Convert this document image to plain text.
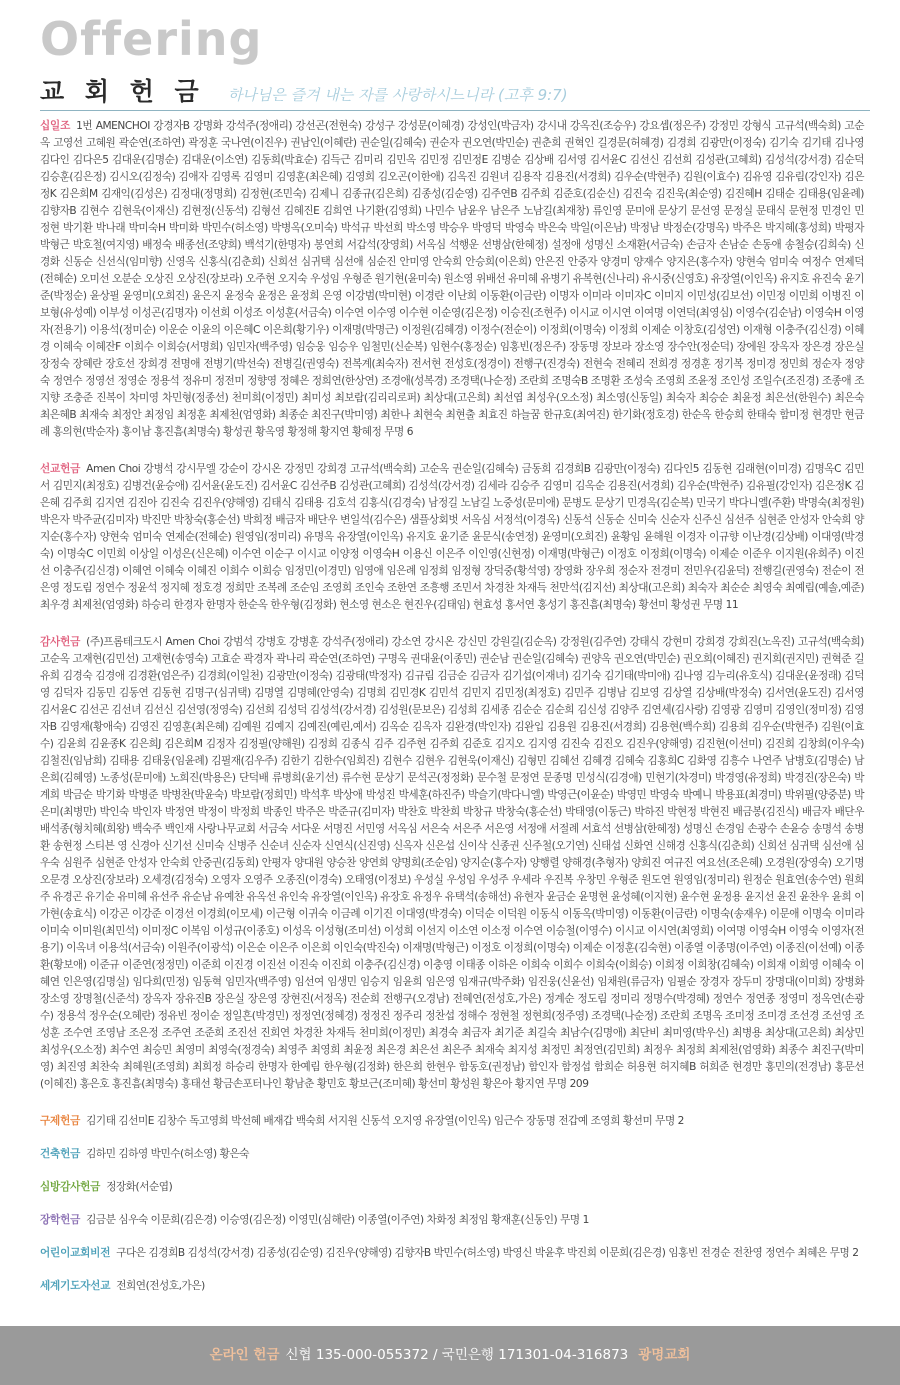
Offering
교 회 헌 금 하나님은 즐겨 내는 자를 사랑하시느니라 (고후 9:7)
십일조 1번 AMENCHOI 강경자B 강명화 강석주(정애리) 강선곤(전현숙) 강성구 강성문(이혜경) 강성인(박금자) 강시내 강옥진(조승우) 강요셉(정은주) 강정민 강형식 고규석(백숙희) 고순옥 고영선 고혜원 곽순연(조하연) 곽정훈 국나연(이진우) 권남인(이혜란) 권순일(김혜숙) 권순자 권오연(박민순) 권춘희 권혁인 길경문(허혜경) 김경희 김광만(이정숙) 김기숙 김기태 김나영 김다인 김다은5 김대운(김명순) 김대운(이소연) 김동희(박효순) 김득근 김미리 김민옥 김민정 김민정E 김병순 김상배 김서영 김서윤C 김선신 김선희 김성관(고혜희) 김성석(강서경) 김순덕 김승훈(김은정) 김시오(김정숙) 김애자 김영록 김영미 김영훈(최은혜) 김영희 김오곤(이한애) 김옥진 김원녀 김용작 김용진(서경희) 김우순(박현주) 김원(이효수) 김유영 김유림(강인자) 김은정K 김은희M 김재익(김성은) 김정대(정명희) 김정현(조민숙) 김제니 김종규(김은희) 김종성(김순영) 김주연B 김주희 김준호(김순신) 김진숙 김진욱(최순영) 김진혜H 김태순 김태용(임윤례) 김향자B 김현수 김현욱(이재신) 김현정(신동석) 김형선 김혜진E 김희연 나기환(김영희) 나민수 남윤우 남은주 노남길(최재창) 류인영 문미애 문상기 문선영 문정실 문태식 문현정 민경인 민정현 박기환 박나래 박미숙H 박미화 박민수(허소영) 박병옥(오미숙) 박석규 박선희 박소영 박승우 박영덕 박영숙 박은숙 박일(이은남) 박정남 박정순(강명옥) 박주은 박지혜(홍성희) 박평자 박형근 박호철(여지영) 배정숙 배종선(조양희) 백석기(한명자) 봉연희 서갑석(장영희) 서옥심 석행운 선병삼(한혜정) 설정애 성명신 소재환(서금숙) 손금자 손남순 손동애 송철승(김희숙) 신경화 신동순 신선식(임미향) 신영옥 신홍식(김춘희) 신희선 심귀택 심선애 심순진 안미영 안숙희 안승희(이은희) 안은진 안중자 양경미 양재수 양지은(홍수자) 양현숙 엄미숙 여정수 연제덕(전혜순) 오미선 오분순 오상진 오상진(장보라) 오주현 오지숙 우성임 우형준 원기현(윤미숙) 원소영 위배선 유미혜 유병기 유복현(신나리) 유시중(신영호) 유장열(이인옥) 유지호 유진숙 윤기준(박정순) 윤상필 윤영미(오희진) 윤은지 윤정숙 윤정은 윤정희 은영 이강범(박미현) 이경란 이난희 이동환(이금란) 이명자 이미라 이미자C 이미지 이민성(김보선) 이민정 이민희 이병진 이보형(유성예) 이부성 이성곤(김명자) 이선희 이성조 이성훈(서금숙) 이수연 이수영 이수현 이순영(김은정) 이승진(조현주) 이시교 이시연 이여명 이연덕(최영심) 이영수(김순남) 이영숙H 이영자(전용기) 이용석(정미순) 이운순 이윤의 이은혜C 이은희(황기우) 이재명(박명근) 이정원(김혜경) 이정수(전순이) 이정희(이명숙) 이정희 이제순 이창호(김성연) 이재형 이충주(김신경) 이혜경 이혜숙 이혜잔F 이희수 이희승(서명희) 임민자(백주영) 임승웅 임승우 임철민(신순복) 임현수(홍정순) 임홍빈(정은주) 장동명 장보라 장소영 장수안(정순덕) 장에원 장옥자 장은경 장은실 장정숙 장혜란 장호선 장희경 전명애 전병기(박선숙) 전병길(권영숙) 전복계(최숙자) 전서현 전성호(정경이) 전행구(진경숙) 전현숙 전혜리 전희경 정경훈 정기복 정미경 정민희 정순자 정양숙 정연수 정영선 정영순 정용석 정유미 정전미 정향영 정혜은 정희연(한상연) 조경애(성복경) 조경택(나순정) 조란희 조명숙B 조명환 조성숙 조영희 조윤정 조인성 조일수(조진경) 조종애 조지향 조충준 진복이 차미영 차민형(정종선) 천미희(이정민) 최미성 최보람(김리리로퍼) 최상대(고은희) 최선엽 최성우(오소정) 최소영(신동일) 최숙자 최승순 최윤정 최은선(한원수) 최은숙 최은혜B 최재숙 최정안 최정임 최정훈 최제천(엄영화) 최종순 최진구(박미영) 최한나 최현숙 최현출 최효진 하늘꿈 한규호(최여진) 한기화(정호경) 한순옥 한승희 한태숙 함미정 현경만 현금례 홍의현(박순자) 홍이남 홍진흠(최명숙) 황성권 황옥영 황정해 황지연 황혜정 무명 6
선교헌금 Amen Choi 강병석 강시무엘 강순이 강시온 강정민 강희경 고규석(백숙희) 고순옥 권순일(김혜숙) 금동희 김경희B 김광만(이정숙) 김다인5 김동현 김래현(이미경) 김명옥C 김민서 김민지(최정호) 김병건(윤승애) 김서윤(윤도진) 김서윤C 김선주B 김성관(고혜희) 김성석(강서경) 김세라 김승주 김영미 김옥순 김용진(서경희) 김우순(박현주) 김유필(강인자) 김은정K 김은혜 김주희 김지연 김진아 김진숙 김진우(양해영) 김태식 김태용 김호석 김홍식(김경숙) 남정길 노남길 노중성(문미애) 문병도 문상기 민경옥(김순복) 민국기 박다니엘(주환) 박명숙(최정원) 박은자 박주균(김미자) 박진만 박창숙(홍순선) 박희정 배금자 배단우 변일석(김수은) 샘플상회벗 서옥심 서정석(이경옥) 신동석 신동순 신미숙 신순자 신주신 심선주 심현준 안성자 안숙희 양지순(홍수자) 양현숙 엄미숙 연제순(전혜순) 원영임(정미리) 유명옥 유장열(이인옥) 유지호 윤기준 윤문식(송연정) 윤영미(오희진) 윤황임 윤해원 이경자 이규향 이난경(김상배) 이대영(박경숙) 이명숙C 이민희 이상일 이성은(신은혜) 이수연 이순구 이시교 이양정 이영숙H 이용신 이은주 이인영(신현정) 이재명(박형근) 이정호 이정희(이명숙) 이제순 이준우 이지원(유희주) 이진선 이충주(김신경) 이혜연 이혜숙 이혜진 이희수 이희승 임정민(이경민) 임영애 임은례 임정희 임정형 장덕중(황석영) 장영화 장우희 정순자 전경미 전민우(김윤덕) 전행길(권영숙) 전순이 전은영 정도림 정연수 정윤석 정지혜 정호경 정희만 조복례 조순임 조영희 조인숙 조한연 조흥행 조민서 차경찬 차재득 천만석(김지선) 최상대(고은희) 최숙자 최순순 최영숙 최예림(예솔,예준) 최우경 최제천(엄영화) 하승리 한경자 한명자 한순옥 한우형(김정화) 현소영 현소은 현진우(김태임) 현효성 홍서연 홍성기 홍진흠(최명숙) 황선미 황성권 무명 11
감사헌금 (주)프롬테크도시 Amen Choi 강범석 강병호 강병훈 강석주(정애리) 강소연 강시온 강신민 강원길(김순옥) 강정원(김주연) 강태식 강현미 강희경 강희진(노옥진) 고규석(백숙희) 고순옥 고재현(김민선) 고재현(송영숙) 고효순 곽경자 곽나리 곽순연(조하연) 구명옥 권대윤(이종민) 권순남 권순일(김혜숙) 권양옥 권오연(박민순) 권오희(이혜진) 권지희(권지민) 권혁준 길유희 김경숙 김경애 김경환(엄은주) 김경희(이일천) 김광만(이정숙) 김광태(박정자) 김규림 김금순 김금자 김기섭(이재녀) 김기숙 김기태(박미애) 김나영 김누리(유호식) 김대운(윤정래) 김덕영 김덕자 김동민 김동연 김동현 김명구(심귀택) 김명열 김명혜(안영숙) 김명희 김민경K 김민석 김민지 김민정(최정호) 김민주 김병남 김보영 김상열 김상배(박정숙) 김서연(윤도진) 김서영 김서윤C 김선곤 김선녀 김선신 김선영(정영숙) 김선희 김성덕 김성석(강서경) 김성원(문보은) 김성희 김세종 김순순 김순희 김신성 김양주 김연세(김사랑) 김영광 김영미 김영인(정미정) 김영자B 김영재(황애숙) 김영진 김영훈(최은혜) 김예원 김예지 김예진(예린,예서) 김옥순 김옥자 김완경(박인자) 김완입 김용원 김용진(서경희) 김용현(백수희) 김용희 김우순(박현주) 김원(이효수) 김윤희 김윤종K 김은희J 김은희M 김정자 김정필(양해원) 김정희 김종식 김주 김주현 김주희 김준호 김지오 김지영 김진숙 김진오 김진우(양해영) 김진현(이선미) 김진희 김창희(이우숙) 김철진(임남희) 김태용 김태웅(임윤례) 김필재(김우주) 김한기 김한수(임희진) 김현수 김현우 김현욱(이재신) 김형민 김혜선 김혜경 김혜숙 김홍희C 김화영 김흥수 나연주 남병호(김명순) 남은희(김혜영) 노종성(문미애) 노희진(박용은) 단덕배 류병희(윤기선) 류수현 문상기 문석곤(정정화) 문수철 문정연 문종명 민성식(김경애) 민현기(차경미) 박경영(유정희) 박경진(장은숙) 박계희 박금순 박기화 박병준 박병찬(박윤숙) 박보람(정희민) 박석후 박상애 박성진 박세훈(하진주) 박슬기(박다니엘) 박영근(이윤순) 박영민 박영숙 박예니 박용표(최경미) 박위필(양중분) 박은미(최병만) 박인숙 박인자 박정연 박정이 박정희 박종인 박주은 박준규(김미자) 박찬호 박찬희 박창규 박창숙(홍순선) 박태영(이동근) 박하진 박현정 박현진 배금봉(김진식) 배금자 배단우 배석종(형치혜(희왕) 백숙주 백인재 사랑나무교회 서금숙 서다운 서명진 서민영 서옥심 서은숙 서은주 서은영 서정애 서절례 서효석 선병삼(한혜정) 성명신 손경임 손광수 손윤승 송명석 송병환 송현정 스티븐 영 신경아 신기선 신미숙 신병주 신순녀 신순자 신연식(신진영) 신옥자 신은섭 신이삭 신종권 신주철(오기연) 신태섭 신화연 신해경 신홍식(김춘희) 신희선 심귀택 심선애 심우숙 심원주 심현준 안성자 안숙희 안중권(김동희) 안평자 양대원 양승찬 양연희 양명희(조순임) 양지순(홍수자) 양행렬 양해경(추형자) 양희진 여규진 여요선(조은혜) 오경원(장영숙) 오기명 오문경 오상진(장보라) 오세경(김정숙) 오영자 오영주 오종진(이경숙) 오태영(이정보) 우성실 우성임 우성주 우세라 우진복 우창민 우형준 원도연 원영임(정미리) 원정순 원효연(송수연) 원희주 유경곤 유기순 유미혜 유선주 유순남 유예찬 유옥선 유인숙 유장열(이인옥) 유장호 유정우 유택석(송해선) 유현자 윤금순 윤명현 윤성혜(이지현) 윤수현 윤정용 윤지선 윤진 윤찬우 윤희 이가현(송효식) 이강곤 이강준 이경선 이경희(이모세) 이근형 이귀숙 이금례 이기진 이대영(박경숙) 이덕순 이덕원 이동식 이동옥(박미영) 이동환(이금란) 이명숙(송재우) 이문애 이명숙 이미라 이미숙 이미원(최민석) 이미정C 이복임 이성규(이종호) 이성옥 이성형(조미선) 이성희 이선지 이소연 이소정 이수연 이승철(이영수) 이시교 이시연(최영희) 이여명 이영숙H 이영숙 이영자(전용기) 이옥녀 이용석(서금숙) 이원주(이광석) 이은순 이은주 이은희 이인숙(박진숙) 이재명(박형근) 이정호 이정희(이명숙) 이제순 이정훈(김숙현) 이종열 이종명(이주연) 이종진(이선예) 이종환(황보애) 이준규 이준연(정정민) 이준희 이진경 이진선 이진숙 이진희 이충주(김신경) 이충영 이태종 이하은 이희숙 이희수 이희숙(이희승) 이희정 이희창(김혜숙) 이희재 이희영 이혜숙 이혜연 인은영(김명실) 임다희(민정) 임동혁 임민자(백주영) 임선여 임생민 임승지 임윤희 임은영 임재규(박주화) 임진웅(신윤선) 임채원(류금자) 임필순 장경자 장두미 장명대(이미희) 장병화 장소영 장명철(신준석) 장옥자 장유진B 장은실 장은영 장현진(서정옥) 전순희 전행구(오경남) 전혜연(전성호,가은) 정계순 정도림 정미리 정명수(박경혜) 정연수 정연종 정영미 정옥연(손광수) 정용석 정우순(오혜란) 정유빈 정이순 정일흔(박경민) 정정연(정혜경) 정정진 정주리 정찬섭 정해수 정현철 정현희(정주영) 조경택(나순정) 조란희 조명옥 조미정 조미경 조선경 조선영 조성훈 조수연 조영남 조은정 조주연 조준희 조진선 진희연 차경찬 차재득 천미희(이정민) 최경숙 최금자 최기준 최길숙 최남수(김명애) 최단비 최미영(박우신) 최병용 최상대(고은희) 최상민 최성우(오소정) 최수연 최승민 최영미 최영숙(정경숙) 최영주 최영희 최윤정 최은경 최은선 최은주 최재숙 최지성 최정민 최정연(김민희) 최정우 최정희 최제천(엄영화) 최종수 최진구(박미영) 최진영 최찬숙 최혜원(조영희) 최희정 하승리 한명자 한예림 한우형(김정화) 한은희 한현우 함동호(권정남) 함인자 함정섭 함희순 허용현 허지혜B 허희준 현경만 홍민의(전경남) 홍문선(이혜진) 홍은호 홍진흠(최명숙) 홍태선 황금손포터나인 황남춘 황민호 황보근(조미혜) 황선미 황성원 황은아 황지연 무명 209
구제헌금 김기태 김선미E 김창수 독고영희 박선혜 배재갑 백숙희 서지원 신동석 오지영 유장열(이인옥) 임근수 장동명 전갑예 조영희 황선미 무명 2
건축헌금 김하민 김하영 박민수(허소영) 황은숙
심방감사헌금 정장화(서순엽)
장학헌금 김금분 심우숙 이문희(김은경) 이승영(김은정) 이영민(심해란) 이종열(이주연) 차화정 최정임 황재훈(신동인) 무명 1
어린이교회비전 구다은 김경희B 김성석(강서경) 김종성(김순영) 김진우(양해영) 김향자B 박민수(허소영) 박영신 박윤후 박진희 이문희(김은경) 임홍빈 전경순 전찬영 정연수 최혜은 무명 2
세계기도자선교 전희연(전성호,가은)
온라인 헌금 신협 135-000-055372 / 국민은행 171301-04-316873 광명교회
